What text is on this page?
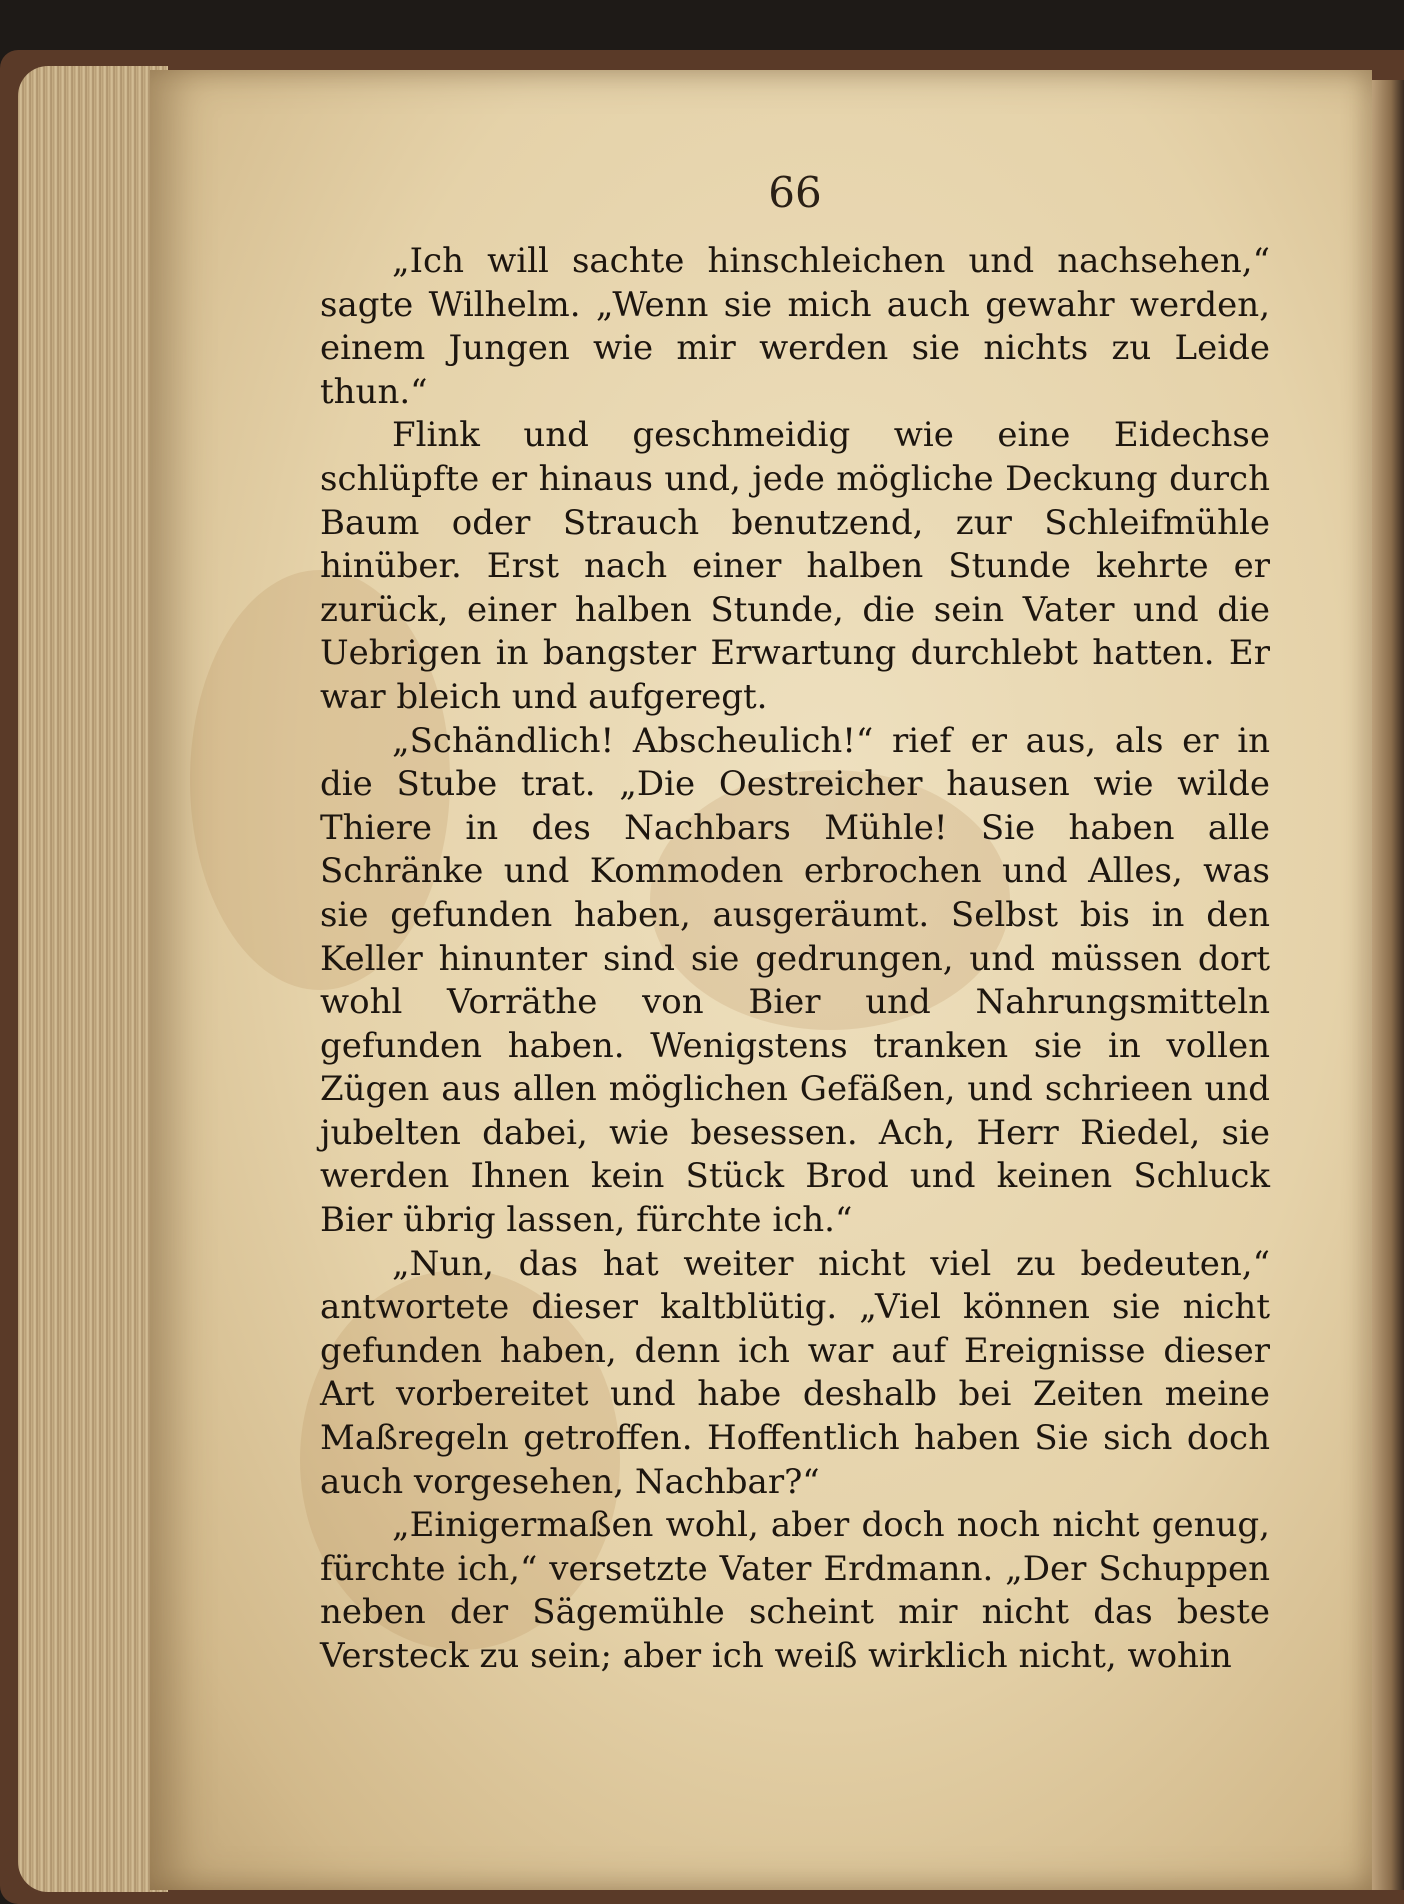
66

„Ich will sachte hinschleichen und nachsehen,“ sagte Wilhelm. „Wenn sie mich auch gewahr werden, einem Jungen wie mir werden sie nichts zu Leide thun.“

Flink und geschmeidig wie eine Eidechse schlüpfte er hinaus und, jede mögliche Deckung durch Baum oder Strauch benutzend, zur Schleifmühle hinüber. Erst nach einer halben Stunde kehrte er zurück, einer halben Stunde, die sein Vater und die Uebrigen in bangster Erwartung durchlebt hatten. Er war bleich und aufgeregt.

„Schändlich! Abscheulich!“ rief er aus, als er in die Stube trat. „Die Oestreicher hausen wie wilde Thiere in des Nachbars Mühle! Sie haben alle Schränke und Kommoden erbrochen und Alles, was sie gefunden haben, ausgeräumt. Selbst bis in den Keller hinunter sind sie gedrungen, und müssen dort wohl Vorräthe von Bier und Nahrungsmitteln gefunden haben. Wenigstens tranken sie in vollen Zügen aus allen möglichen Gefäßen, und schrieen und jubelten dabei, wie besessen. Ach, Herr Riedel, sie werden Ihnen kein Stück Brod und keinen Schluck Bier übrig lassen, fürchte ich.“

„Nun, das hat weiter nicht viel zu bedeuten,“ antwortete dieser kaltblütig. „Viel können sie nicht gefunden haben, denn ich war auf Ereignisse dieser Art vorbereitet und habe deshalb bei Zeiten meine Maßregeln getroffen. Hoffentlich haben Sie sich doch auch vorgesehen, Nachbar?“

„Einigermaßen wohl, aber doch noch nicht genug, fürchte ich,“ versetzte Vater Erdmann. „Der Schuppen neben der Sägemühle scheint mir nicht das beste Versteck zu sein; aber ich weiß wirklich nicht, wohin
